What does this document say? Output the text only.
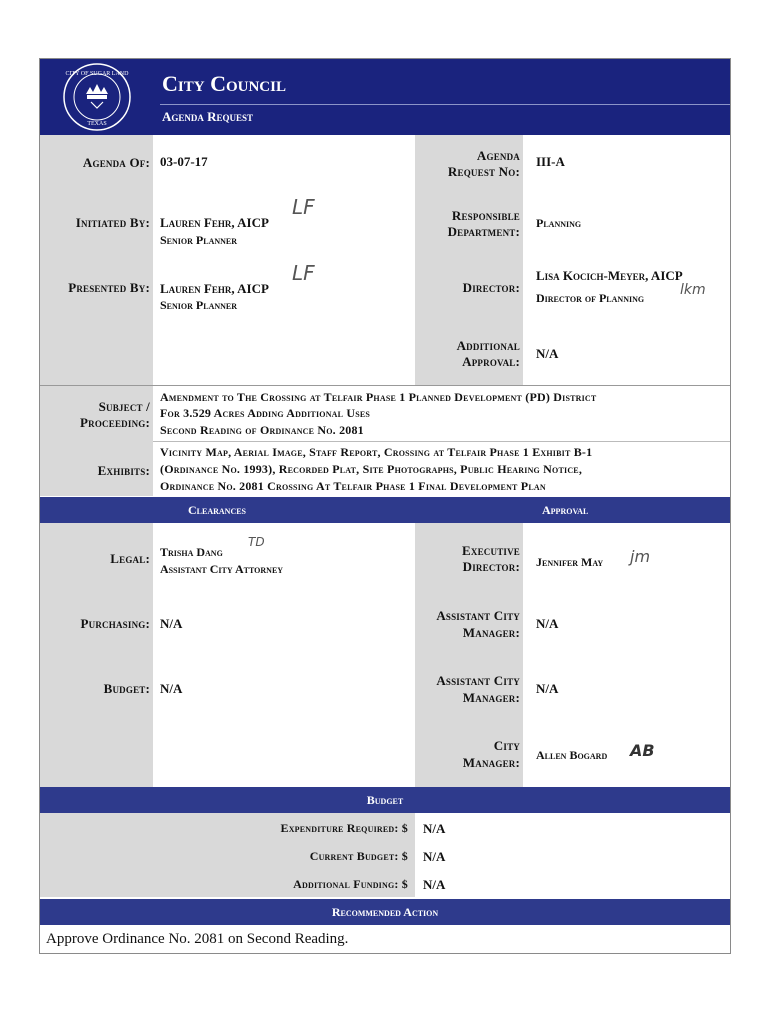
CITY OF SUGAR LAND
TEXAS
City Council
Agenda Request
Agenda Of: 03-07-17	Agenda
Request No:
III-A
Initiated By: Lauren Fehr, AICP
Senior Planner
LF	Responsible
Department:
Planning
Presented By: Lauren Fehr, AICP
Senior Planner
LF
Director:
Lisa Kocich-Meyer, AICP
Director of Planning	lkm
Additional
Approval:
N/A
Subject /
Proceeding:
Amendment to The Crossing at Telfair Phase 1 Planned Development (PD) District
For 3.529 Acres Adding Additional Uses
Second Reading of Ordinance No. 2081
Exhibits:
Vicinity Map, Aerial Image, Staff Report, Crossing at Telfair Phase 1 Exhibit B-1
(Ordinance No. 1993), Recorded Plat, Site Photographs, Public Hearing Notice,
Ordinance No. 2081 Crossing At Telfair Phase 1 Final Development Plan
Clearances	Approval
Legal: Trisha Dang
Assistant City Attorney
TD
Executive
Director: Jennifer May jm
Purchasing: N/A
Assistant City
Manager:
N/A
Budget: N/A
Assistant City
Manager:
N/A
City
Manager: Allen Bogard AB
Budget
Expenditure Required: $ N/A
Current Budget: $ N/A
Additional Funding: $ N/A
Recommended Action
Approve Ordinance No. 2081 on Second Reading.
